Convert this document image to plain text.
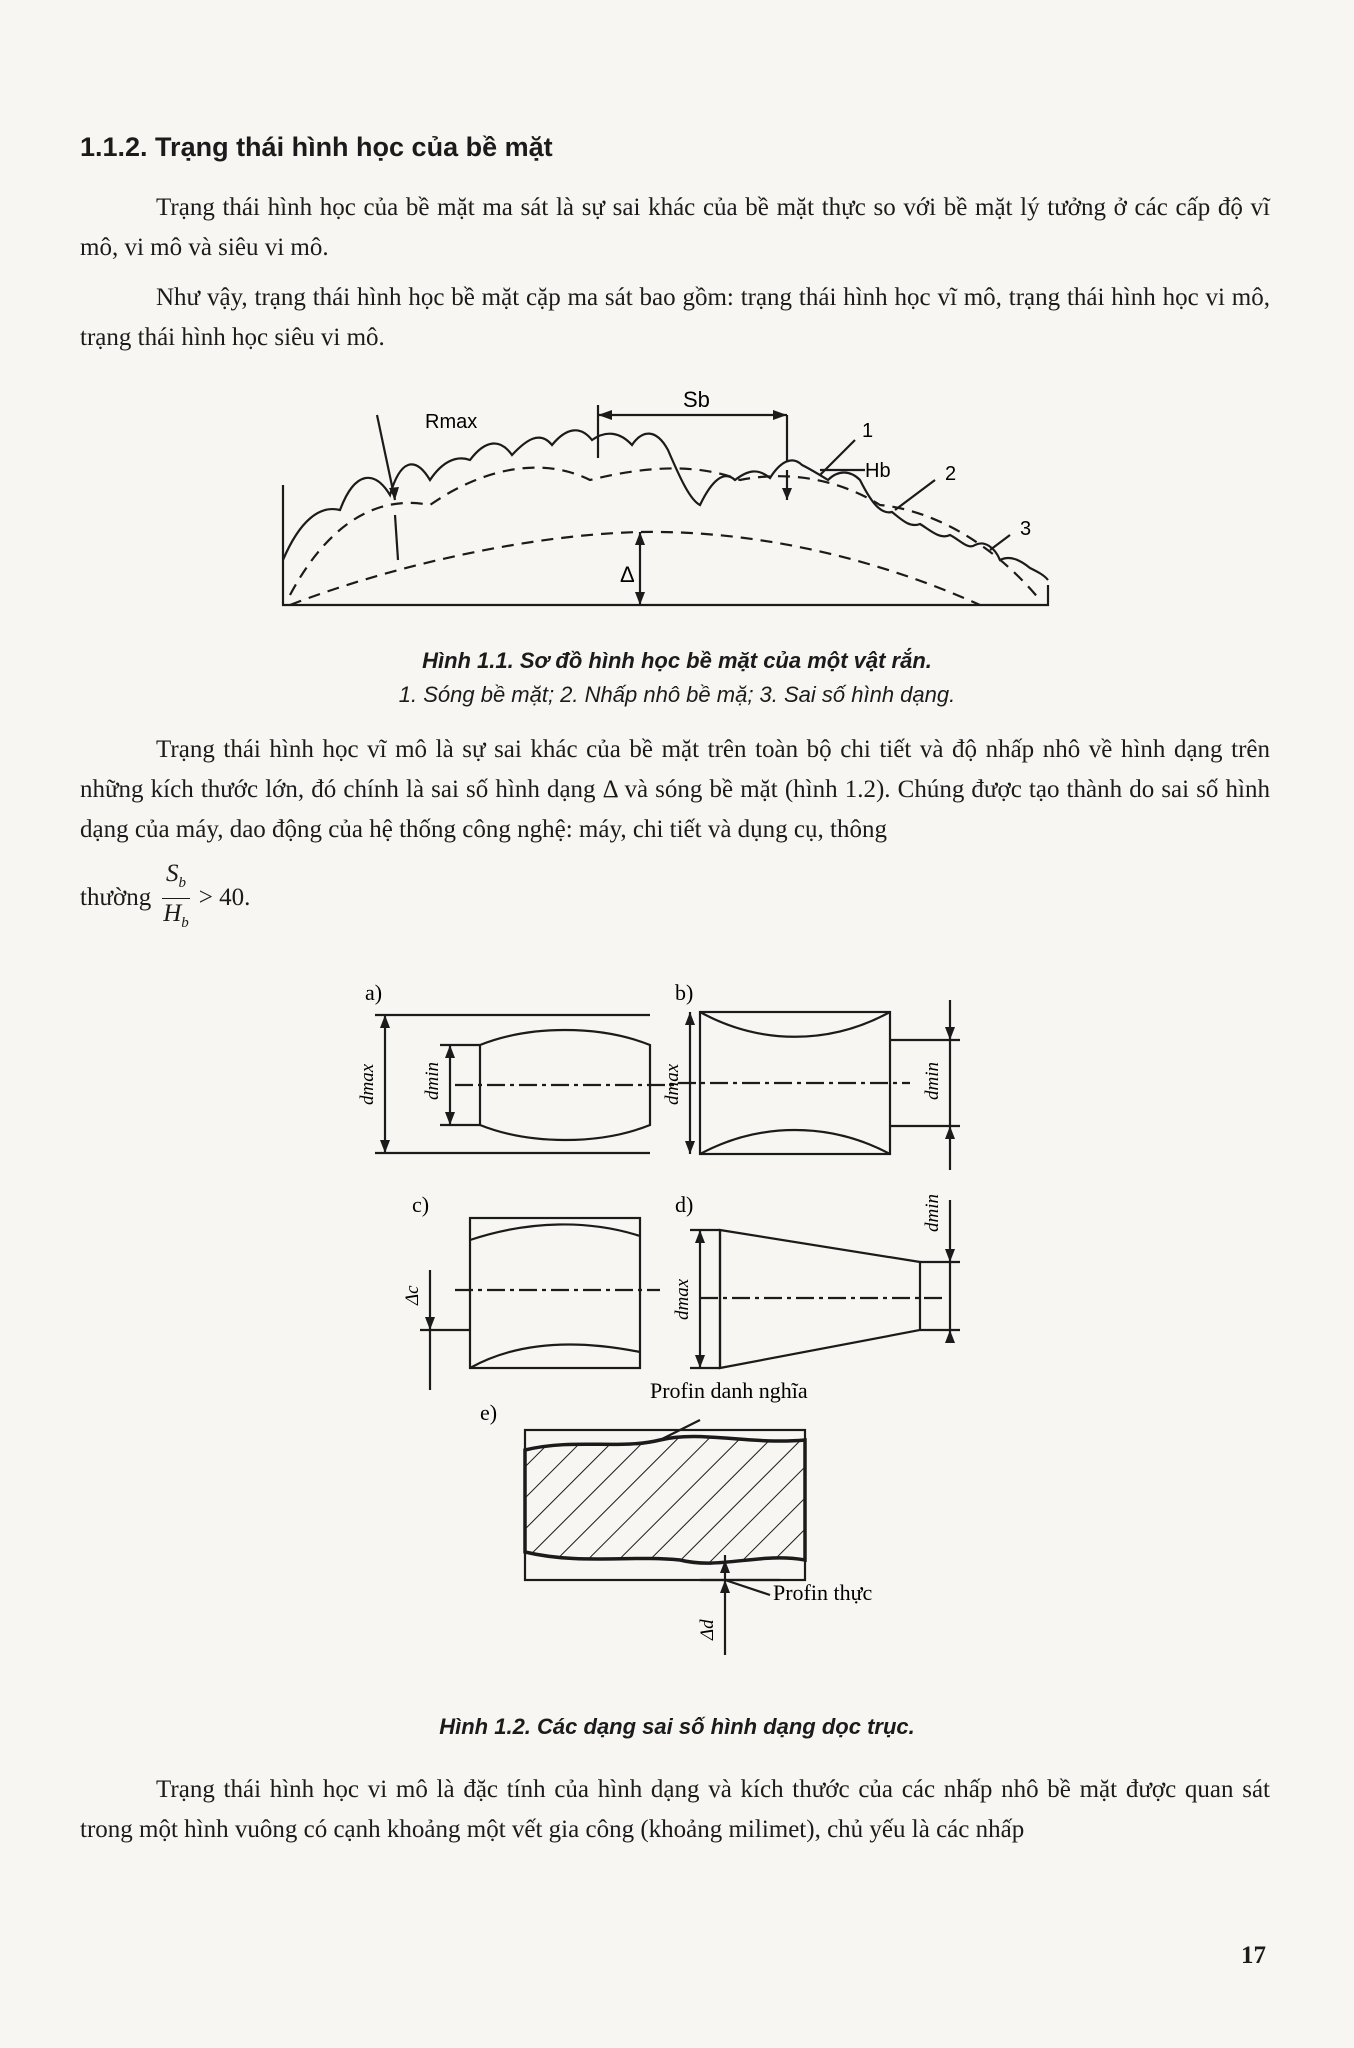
1.1.2. Trạng thái hình học của bề mặt

Trạng thái hình học của bề mặt ma sát là sự sai khác của bề mặt thực so với bề mặt lý tưởng ở các cấp độ vĩ mô, vi mô và siêu vi mô.

Như vậy, trạng thái hình học bề mặt cặp ma sát bao gồm: trạng thái hình học vĩ mô, trạng thái hình học vi mô, trạng thái hình học siêu vi mô.

Rmax
Sb
Hb
Δ
1
2
3
a)	b)
c)	d)
e)
dmax dmin	dmax	dmin
Δc	dmax
dmin
Δd
Profin danh nghĩa
Profin thực

Hình 1.1. Sơ đồ hình học bề mặt của một vật rắn.

1. Sóng bề mặt; 2. Nhấp nhô bề mặ; 3. Sai số hình dạng.

Trạng thái hình học vĩ mô là sự sai khác của bề mặt trên toàn bộ chi tiết và độ nhấp nhô về hình dạng trên những kích thước lớn, đó chính là sai số hình dạng Δ và sóng bề mặt (hình 1.2). Chúng được tạo thành do sai số hình dạng của máy, dao động của hệ thống công nghệ: máy, chi tiết và dụng cụ, thông

thường $\frac{S_b}{H_b} > 40$.

Hình 1.2. Các dạng sai số hình dạng dọc trục.

Trạng thái hình học vi mô là đặc tính của hình dạng và kích thước của các nhấp nhô bề mặt được quan sát trong một hình vuông có cạnh khoảng một vết gia công (khoảng milimet), chủ yếu là các nhấp

17
